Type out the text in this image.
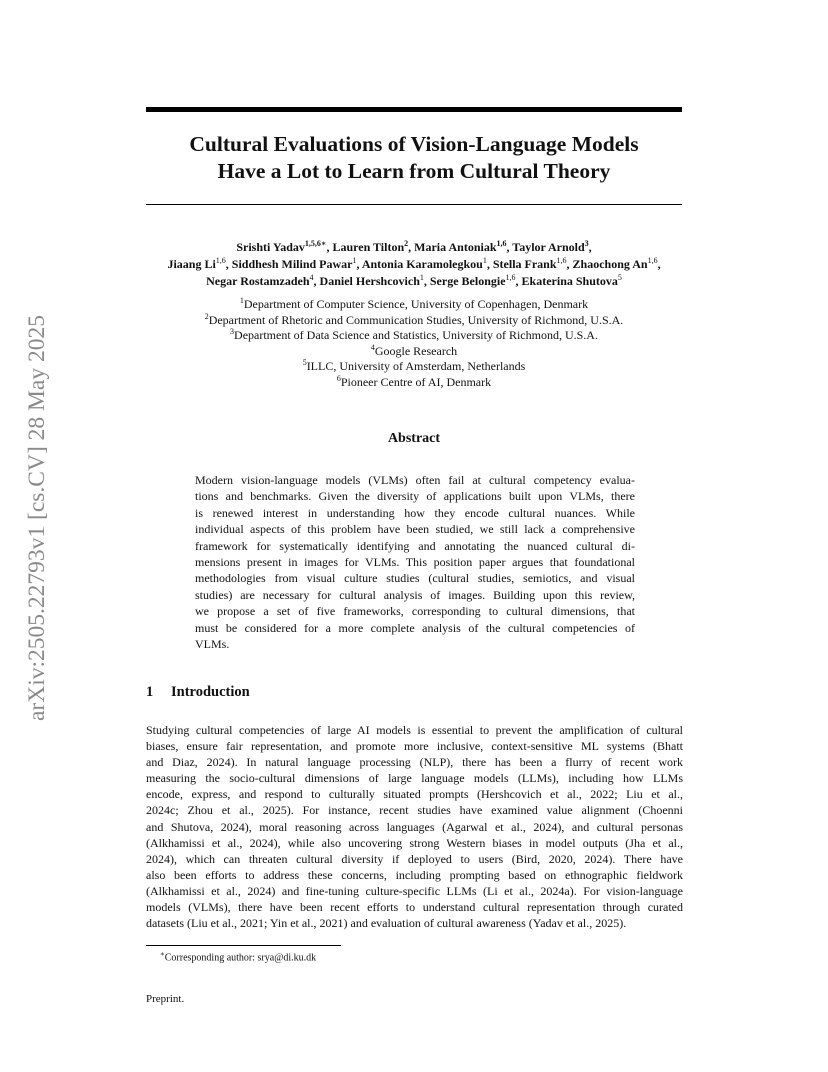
arXiv:2505.22793v1 [cs.CV] 28 May 2025
Cultural Evaluations of Vision-Language Models
Have a Lot to Learn from Cultural Theory
Srishti Yadav$^{1,5,6∗}$, Lauren Tilton$^2$, Maria Antoniak$^{1,6}$, Taylor Arnold$^3$,
Jiaang Li$^{1,6}$, Siddhesh Milind Pawar$^1$, Antonia Karamolegkou$^1$, Stella Frank$^{1,6}$, Zhaochong An$^{1,6}$,
Negar Rostamzadeh$^4$, Daniel Hershcovich$^1$, Serge Belongie$^{1,6}$, Ekaterina Shutova$^5$
$^1$Department of Computer Science, University of Copenhagen, Denmark
$^2$Department of Rhetoric and Communication Studies, University of Richmond, U.S.A.
$^3$Department of Data Science and Statistics, University of Richmond, U.S.A.
$^4$Google Research
$^5$ILLC, University of Amsterdam, Netherlands
$^6$Pioneer Centre of AI, Denmark
Abstract
Modern vision-language models (VLMs) often fail at cultural competency evalua-
tions and benchmarks. Given the diversity of applications built upon VLMs, there
is renewed interest in understanding how they encode cultural nuances. While
individual aspects of this problem have been studied, we still lack a comprehensive
framework for systematically identifying and annotating the nuanced cultural di-
mensions present in images for VLMs. This position paper argues that foundational
methodologies from visual culture studies (cultural studies, semiotics, and visual
studies) are necessary for cultural analysis of images. Building upon this review,
we propose a set of five frameworks, corresponding to cultural dimensions, that
must be considered for a more complete analysis of the cultural competencies of
VLMs.
1 Introduction
Studying cultural competencies of large AI models is essential to prevent the amplification of cultural
biases, ensure fair representation, and promote more inclusive, context-sensitive ML systems (Bhatt
and Diaz, 2024). In natural language processing (NLP), there has been a flurry of recent work
measuring the socio-cultural dimensions of large language models (LLMs), including how LLMs
encode, express, and respond to culturally situated prompts (Hershcovich et al., 2022; Liu et al.,
2024c; Zhou et al., 2025). For instance, recent studies have examined value alignment (Choenni
and Shutova, 2024), moral reasoning across languages (Agarwal et al., 2024), and cultural personas
(Alkhamissi et al., 2024), while also uncovering strong Western biases in model outputs (Jha et al.,
2024), which can threaten cultural diversity if deployed to users (Bird, 2020, 2024). There have
also been efforts to address these concerns, including prompting based on ethnographic fieldwork
(Alkhamissi et al., 2024) and fine-tuning culture-specific LLMs (Li et al., 2024a). For vision-language
models (VLMs), there have been recent efforts to understand cultural representation through curated
datasets (Liu et al., 2021; Yin et al., 2021) and evaluation of cultural awareness (Yadav et al., 2025).
∗Corresponding author: srya@di.ku.dk
Preprint.
